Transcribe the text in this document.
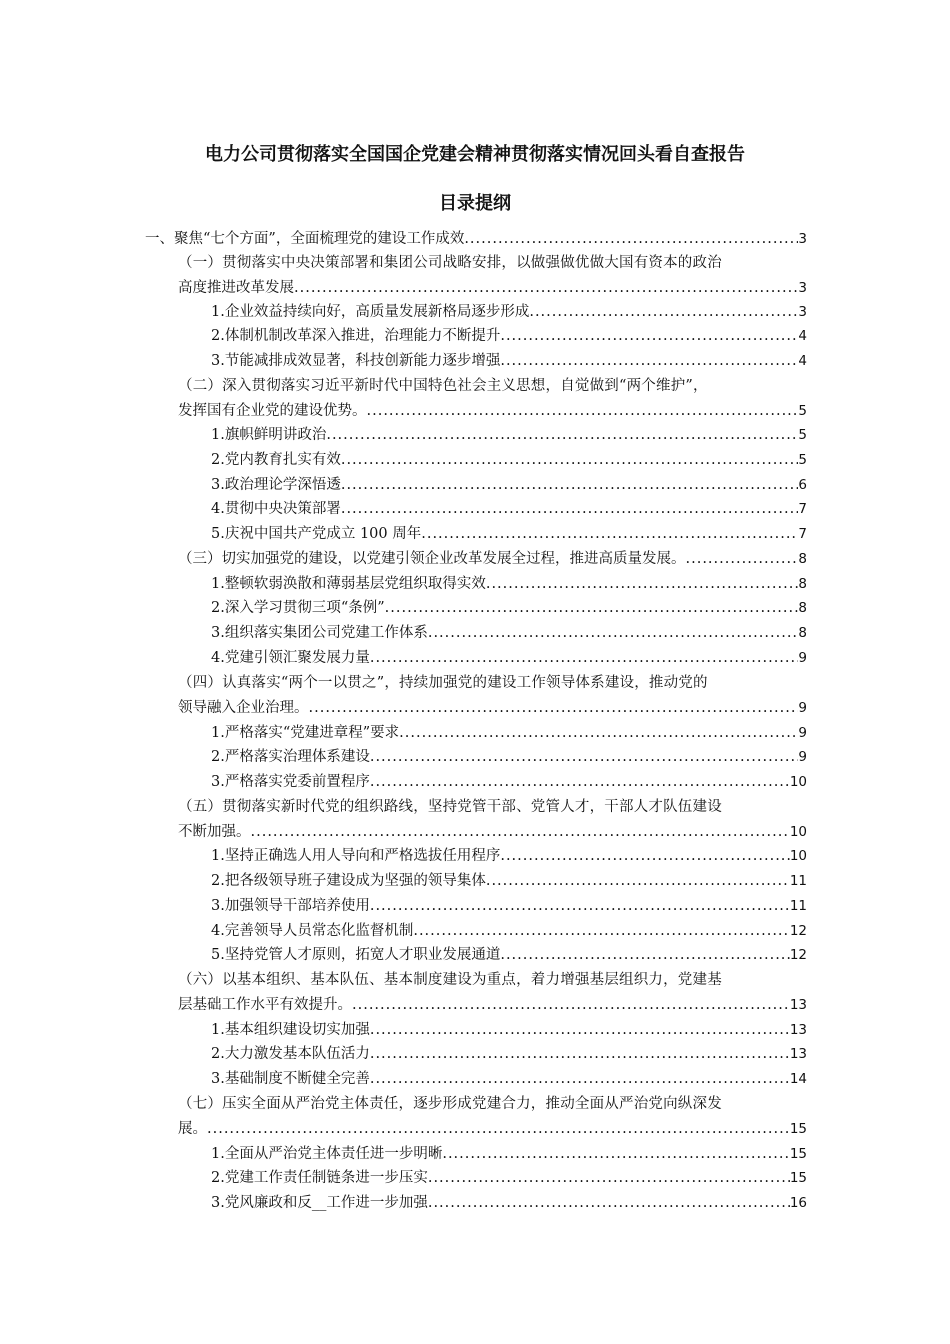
电力公司贯彻落实全国国企党建会精神贯彻落实情况回头看自查报告
目录提纲
一、聚焦“七个方面”，全面梳理党的建设工作成效 .....	3
（一）贯彻落实中央决策部署和集团公司战略安排，以做强做优做大国有资本的政治
高度推进改革发展 .....	3
1.企业效益持续向好，高质量发展新格局逐步形成 .....	3
2.体制机制改革深入推进，治理能力不断提升 .....	4
3.节能减排成效显著，科技创新能力逐步增强 .....	4
（二）深入贯彻落实习近平新时代中国特色社会主义思想，自觉做到“两个维护”，
发挥国有企业党的建设优势。 .....	5
1.旗帜鲜明讲政治 .....	5
2.党内教育扎实有效 .....	5
3.政治理论学深悟透 .....	6
4.贯彻中央决策部署 .....	7
5.庆祝中国共产党成立 100 周年 .....	7
（三）切实加强党的建设，以党建引领企业改革发展全过程，推进高质量发展。 .....	8
1.整顿软弱涣散和薄弱基层党组织取得实效 .....	8
2.深入学习贯彻三项“条例” .....	8
3.组织落实集团公司党建工作体系 .....	8
4.党建引领汇聚发展力量 .....	9
（四）认真落实“两个一以贯之”，持续加强党的建设工作领导体系建设，推动党的
领导融入企业治理。 .....	9
1.严格落实“党建进章程”要求 .....	9
2.严格落实治理体系建设 .....	9
3.严格落实党委前置程序 .....	10
（五）贯彻落实新时代党的组织路线，坚持党管干部、党管人才，干部人才队伍建设
不断加强。 .....	10
1.坚持正确选人用人导向和严格选拔任用程序 .....	10
2.把各级领导班子建设成为坚强的领导集体 .....	11
3.加强领导干部培养使用 .....	11
4.完善领导人员常态化监督机制 .....	12
5.坚持党管人才原则，拓宽人才职业发展通道 .....	12
（六）以基本组织、基本队伍、基本制度建设为重点，着力增强基层组织力，党建基
层基础工作水平有效提升。 .....	13
1.基本组织建设切实加强 .....	13
2.大力激发基本队伍活力 .....	13
3.基础制度不断健全完善 .....	14
（七）压实全面从严治党主体责任，逐步形成党建合力，推动全面从严治党向纵深发
展。 .....	15
1.全面从严治党主体责任进一步明晰 .....	15
2.党建工作责任制链条进一步压实 .....	15
3.党风廉政和反__工作进一步加强 .....	16
